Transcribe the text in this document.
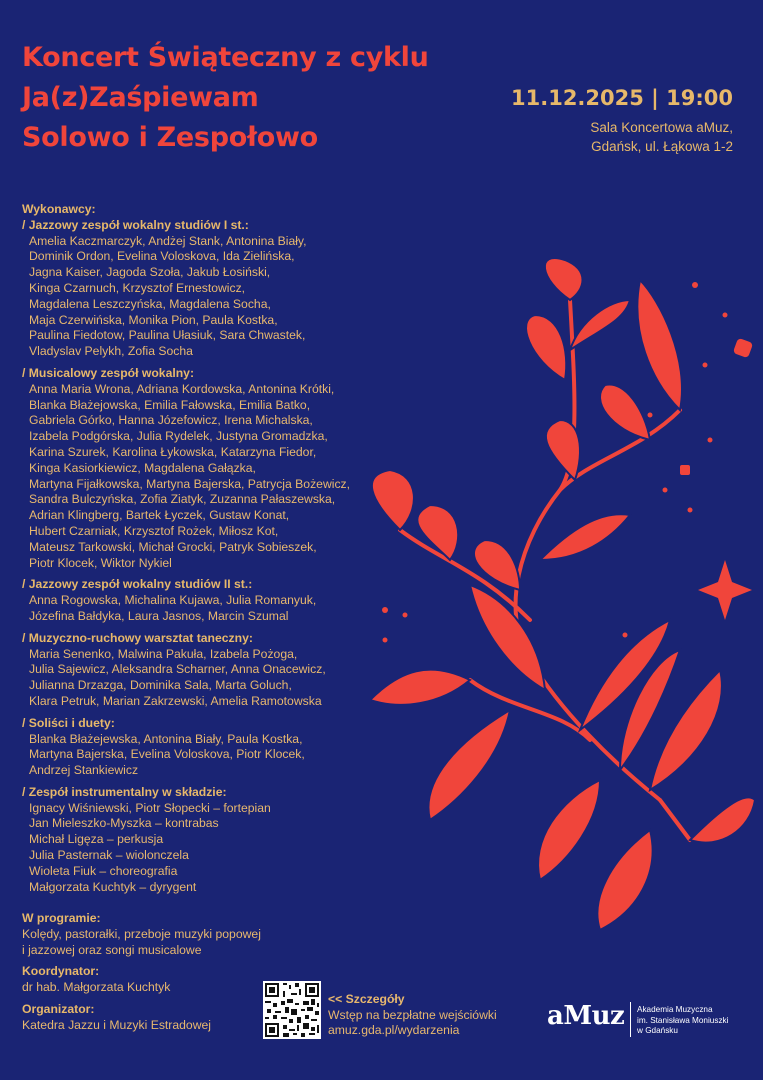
Koncert Świąteczny z cyklu
Ja(z)Zaśpiewam
Solowo i Zespołowo
11.12.2025 | 19:00
Sala Koncertowa aMuz,
Gdańsk, ul. Łąkowa 1-2
Wykonawcy:
/ Jazzowy zespół wokalny studiów I st.:
Amelia Kaczmarczyk, Andżej Stank, Antonina Biały,
Dominik Ordon, Evelina Voloskova, Ida Zielińska,
Jagna Kaiser, Jagoda Szoła, Jakub Łosiński,
Kinga Czarnuch, Krzysztof Ernestowicz,
Magdalena Leszczyńska, Magdalena Socha,
Maja Czerwińska, Monika Pion, Paula Kostka,
Paulina Fiedotow, Paulina Ułasiuk, Sara Chwastek,
Vladyslav Pelykh, Zofia Socha
/ Musicalowy zespół wokalny:
Anna Maria Wrona, Adriana Kordowska, Antonina Krótki,
Blanka Błażejowska, Emilia Fałowska, Emilia Batko,
Gabriela Górko, Hanna Józefowicz, Irena Michalska,
Izabela Podgórska, Julia Rydelek, Justyna Gromadzka,
Karina Szurek, Karolina Łykowska, Katarzyna Fiedor,
Kinga Kasiorkiewicz, Magdalena Gałązka,
Martyna Fijałkowska, Martyna Bajerska, Patrycja Bożewicz,
Sandra Bulczyńska, Zofia Ziatyk, Zuzanna Pałaszewska,
Adrian Klingberg, Bartek Łyczek, Gustaw Konat,
Hubert Czarniak, Krzysztof Rożek, Miłosz Kot,
Mateusz Tarkowski, Michał Grocki, Patryk Sobieszek,
Piotr Klocek, Wiktor Nykiel
/ Jazzowy zespół wokalny studiów II st.:
Anna Rogowska, Michalina Kujawa, Julia Romanyuk,
Józefina Bałdyka, Laura Jasnos, Marcin Szumal
/ Muzyczno-ruchowy warsztat taneczny:
Maria Senenko, Malwina Pakuła, Izabela Pożoga,
Julia Sajewicz, Aleksandra Scharner, Anna Onacewicz,
Julianna Drzazga, Dominika Sala, Marta Goluch,
Klara Petruk, Marian Zakrzewski, Amelia Ramotowska
/ Soliści i duety:
Blanka Błażejewska, Antonina Biały, Paula Kostka,
Martyna Bajerska, Evelina Voloskova, Piotr Klocek,
Andrzej Stankiewicz
/ Zespół instrumentalny w składzie:
Ignacy Wiśniewski, Piotr Słopecki – fortepian
Jan Mieleszko-Myszka – kontrabas
Michał Ligęza – perkusja
Julia Pasternak – wiolonczela
Wioleta Fiuk – choreografia
Małgorzata Kuchtyk – dyrygent
W programie:
Kolędy, pastorałki, przeboje muzyki popowej
i jazzowej oraz songi musicalowe
Koordynator:
dr hab. Małgorzata Kuchtyk
Organizator:
Katedra Jazzu i Muzyki Estradowej
<< Szczegóły
Wstęp na bezpłatne wejściówki
amuz.gda.pl/wydarzenia	aMuz Akademia Muzyczna
im. Stanisława Moniuszki
w Gdańsku
